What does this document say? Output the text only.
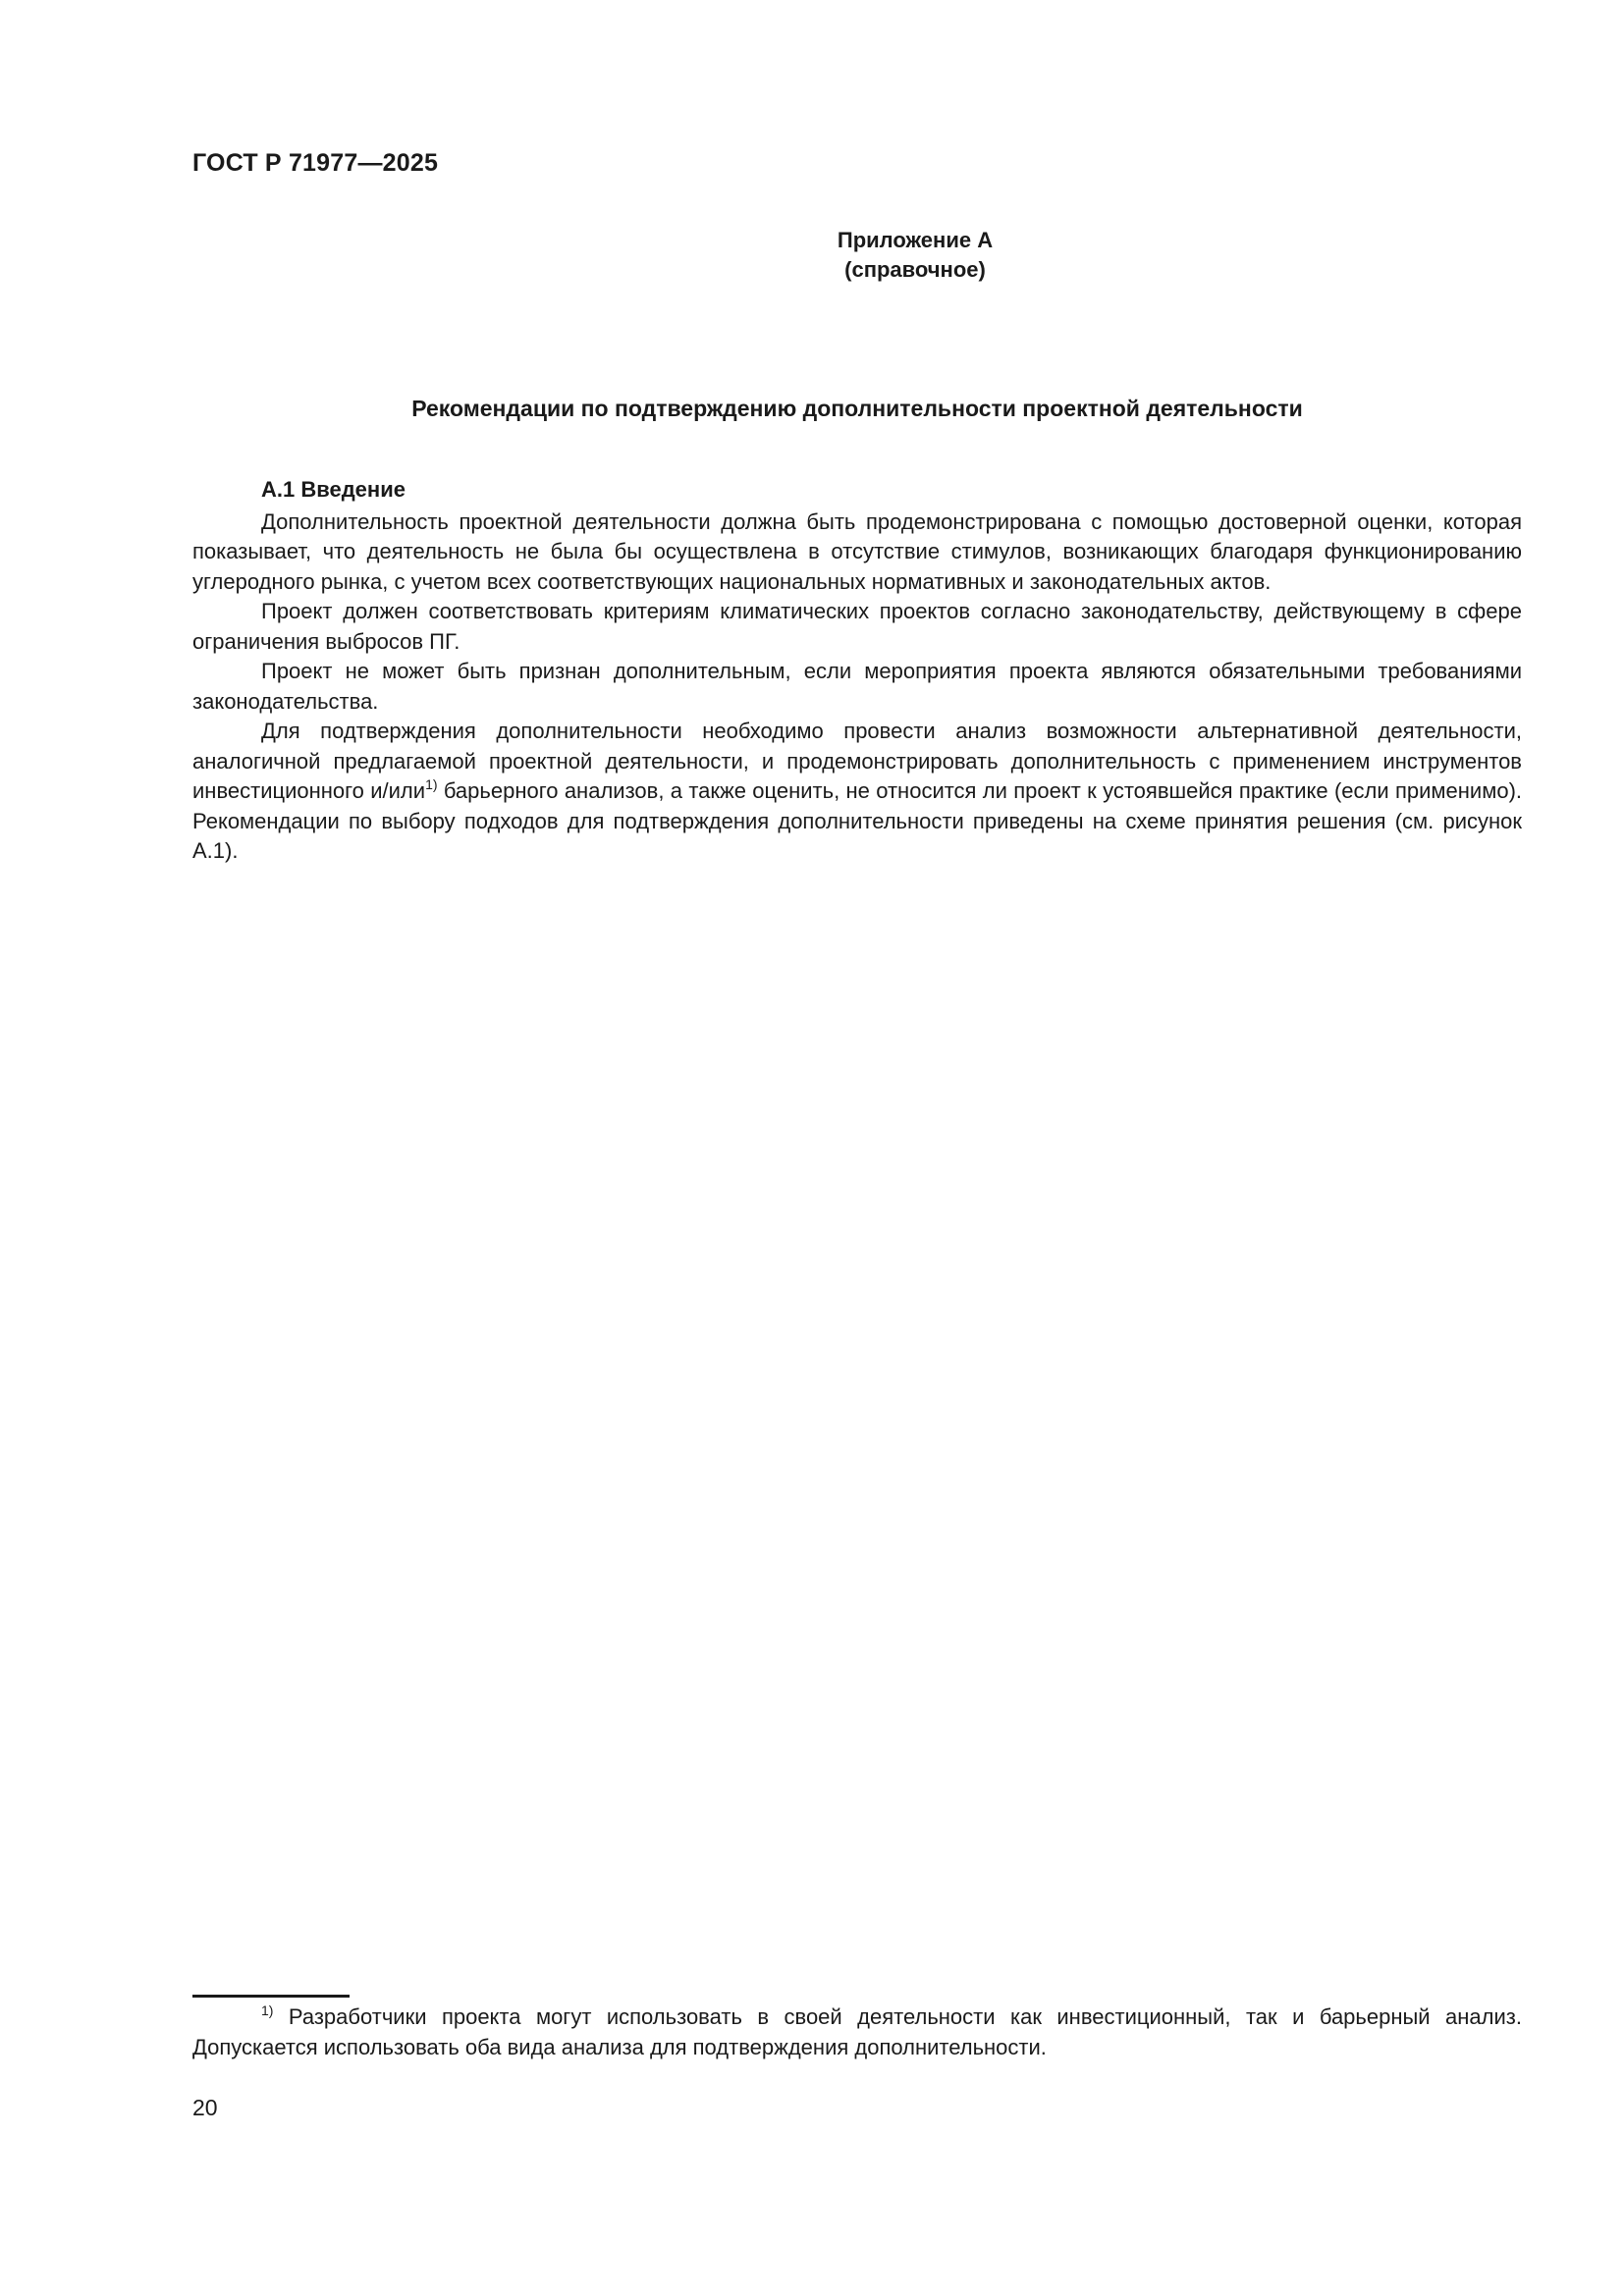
ГОСТ Р 71977—2025
Приложение А
(справочное)
Рекомендации по подтверждению дополнительности проектной деятельности
А.1 Введение

Дополнительность проектной деятельности должна быть продемонстрирована с помощью достоверной оценки, которая показывает, что деятельность не была бы осуществлена в отсутствие стимулов, возникающих благодаря функционированию углеродного рынка, с учетом всех соответствующих национальных нормативных и законодательных актов.

Проект должен соответствовать критериям климатических проектов согласно законодательству, действующему в сфере ограничения выбросов ПГ.

Проект не может быть признан дополнительным, если мероприятия проекта являются обязательными требованиями законодательства.

Для подтверждения дополнительности необходимо провести анализ возможности альтернативной деятельности, аналогичной предлагаемой проектной деятельности, и продемонстрировать дополнительность с применением инструментов инвестиционного и/или$^{1)}$ барьерного анализов, а также оценить, не относится ли проект к устоявшейся практике (если применимо). Рекомендации по выбору подходов для подтверждения дополнительности приведены на схеме принятия решения (см. рисунок А.1).

$^{1)}$ Разработчики проекта могут использовать в своей деятельности как инвестиционный, так и барьерный анализ. Допускается использовать оба вида анализа для подтверждения дополнительности.

20
